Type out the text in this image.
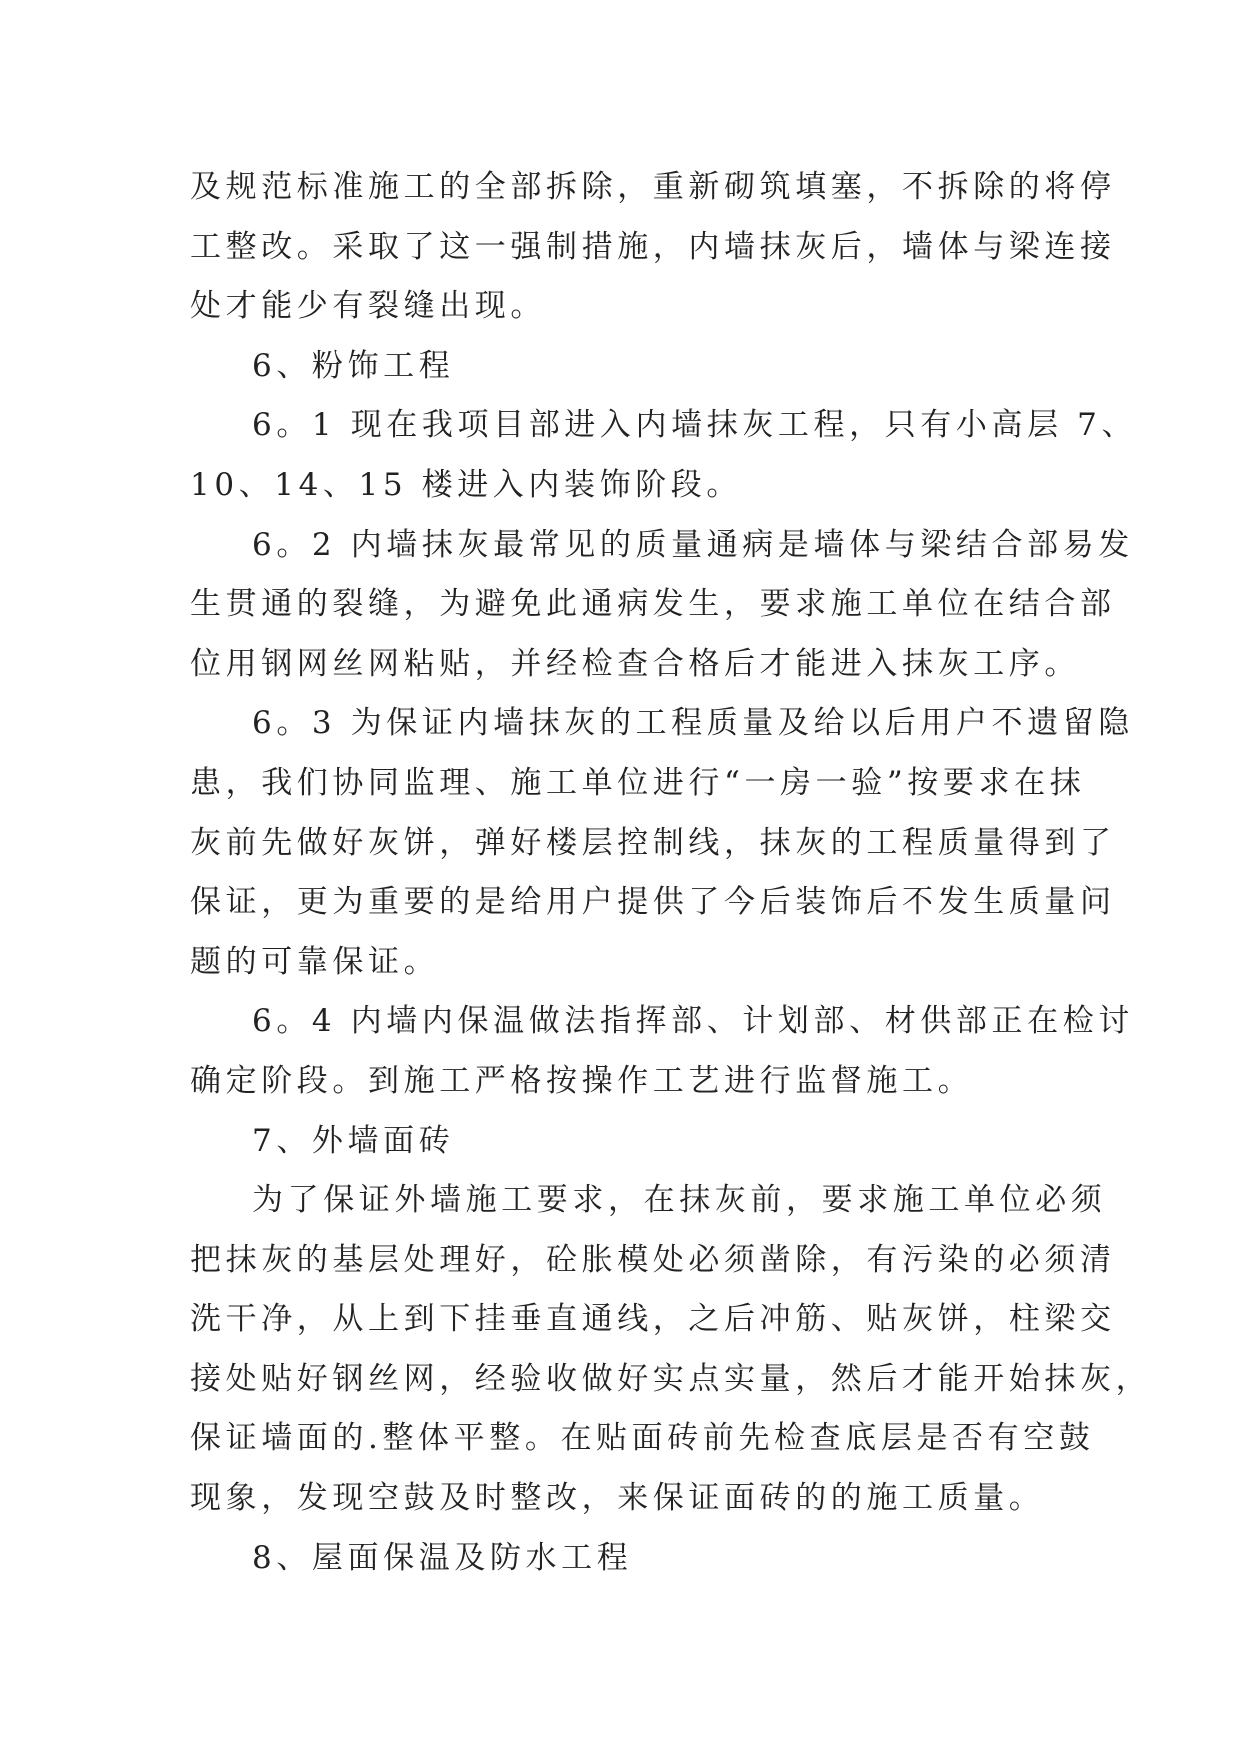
及规范标准施工的全部拆除，重新砌筑填塞，不拆除的将停
工整改。采取了这一强制措施，内墙抹灰后，墙体与梁连接
处才能少有裂缝出现。

6、粉饰工程

6。1 现在我项目部进入内墙抹灰工程，只有小高层 7、
10、14、15 楼进入内装饰阶段。

6。2 内墙抹灰最常见的质量通病是墙体与梁结合部易发
生贯通的裂缝，为避免此通病发生，要求施工单位在结合部
位用钢网丝网粘贴，并经检查合格后才能进入抹灰工序。

6。3 为保证内墙抹灰的工程质量及给以后用户不遗留隐
患，我们协同监理、施工单位进行“一房一验”按要求在抹
灰前先做好灰饼，弹好楼层控制线，抹灰的工程质量得到了
保证，更为重要的是给用户提供了今后装饰后不发生质量问
题的可靠保证。

6。4 内墙内保温做法指挥部、计划部、材供部正在检讨
确定阶段。到施工严格按操作工艺进行监督施工。

7、外墙面砖

为了保证外墙施工要求，在抹灰前，要求施工单位必须
把抹灰的基层处理好，砼胀模处必须凿除，有污染的必须清
洗干净，从上到下挂垂直通线，之后冲筋、贴灰饼，柱梁交
接处贴好钢丝网，经验收做好实点实量，然后才能开始抹灰，
保证墙面的.整体平整。在贴面砖前先检查底层是否有空鼓
现象，发现空鼓及时整改，来保证面砖的的施工质量。

8、屋面保温及防水工程
